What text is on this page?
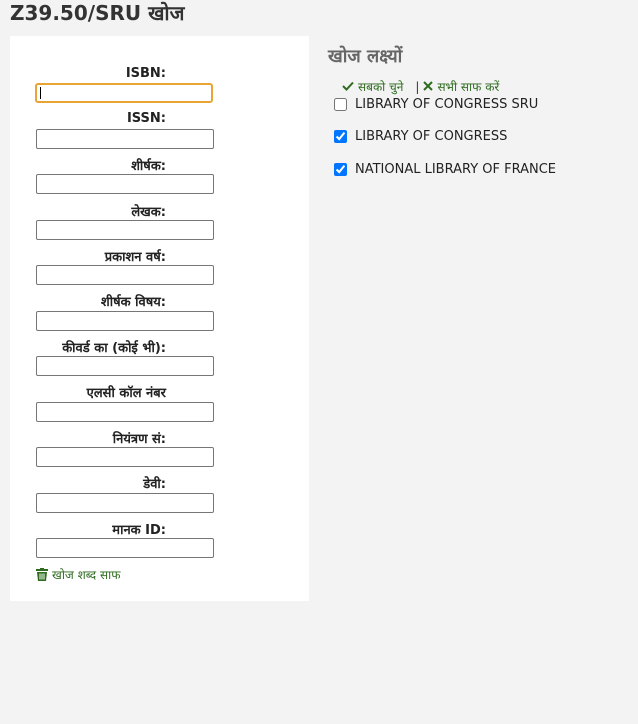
Z39.50/SRU खोज
ISBN:
ISSN:
शीर्षक:
लेखक:
प्रकाशन वर्ष:
शीर्षक विषय:
कीवर्ड का (कोई भी):
एलसी कॉल नंबर
नियंत्रण सं:
डेवी:
मानक ID:
खोज शब्द साफ
खोज लक्ष्यों
सबको चुने | सभी साफ करें
LIBRARY OF CONGRESS SRU
LIBRARY OF CONGRESS
NATIONAL LIBRARY OF FRANCE
